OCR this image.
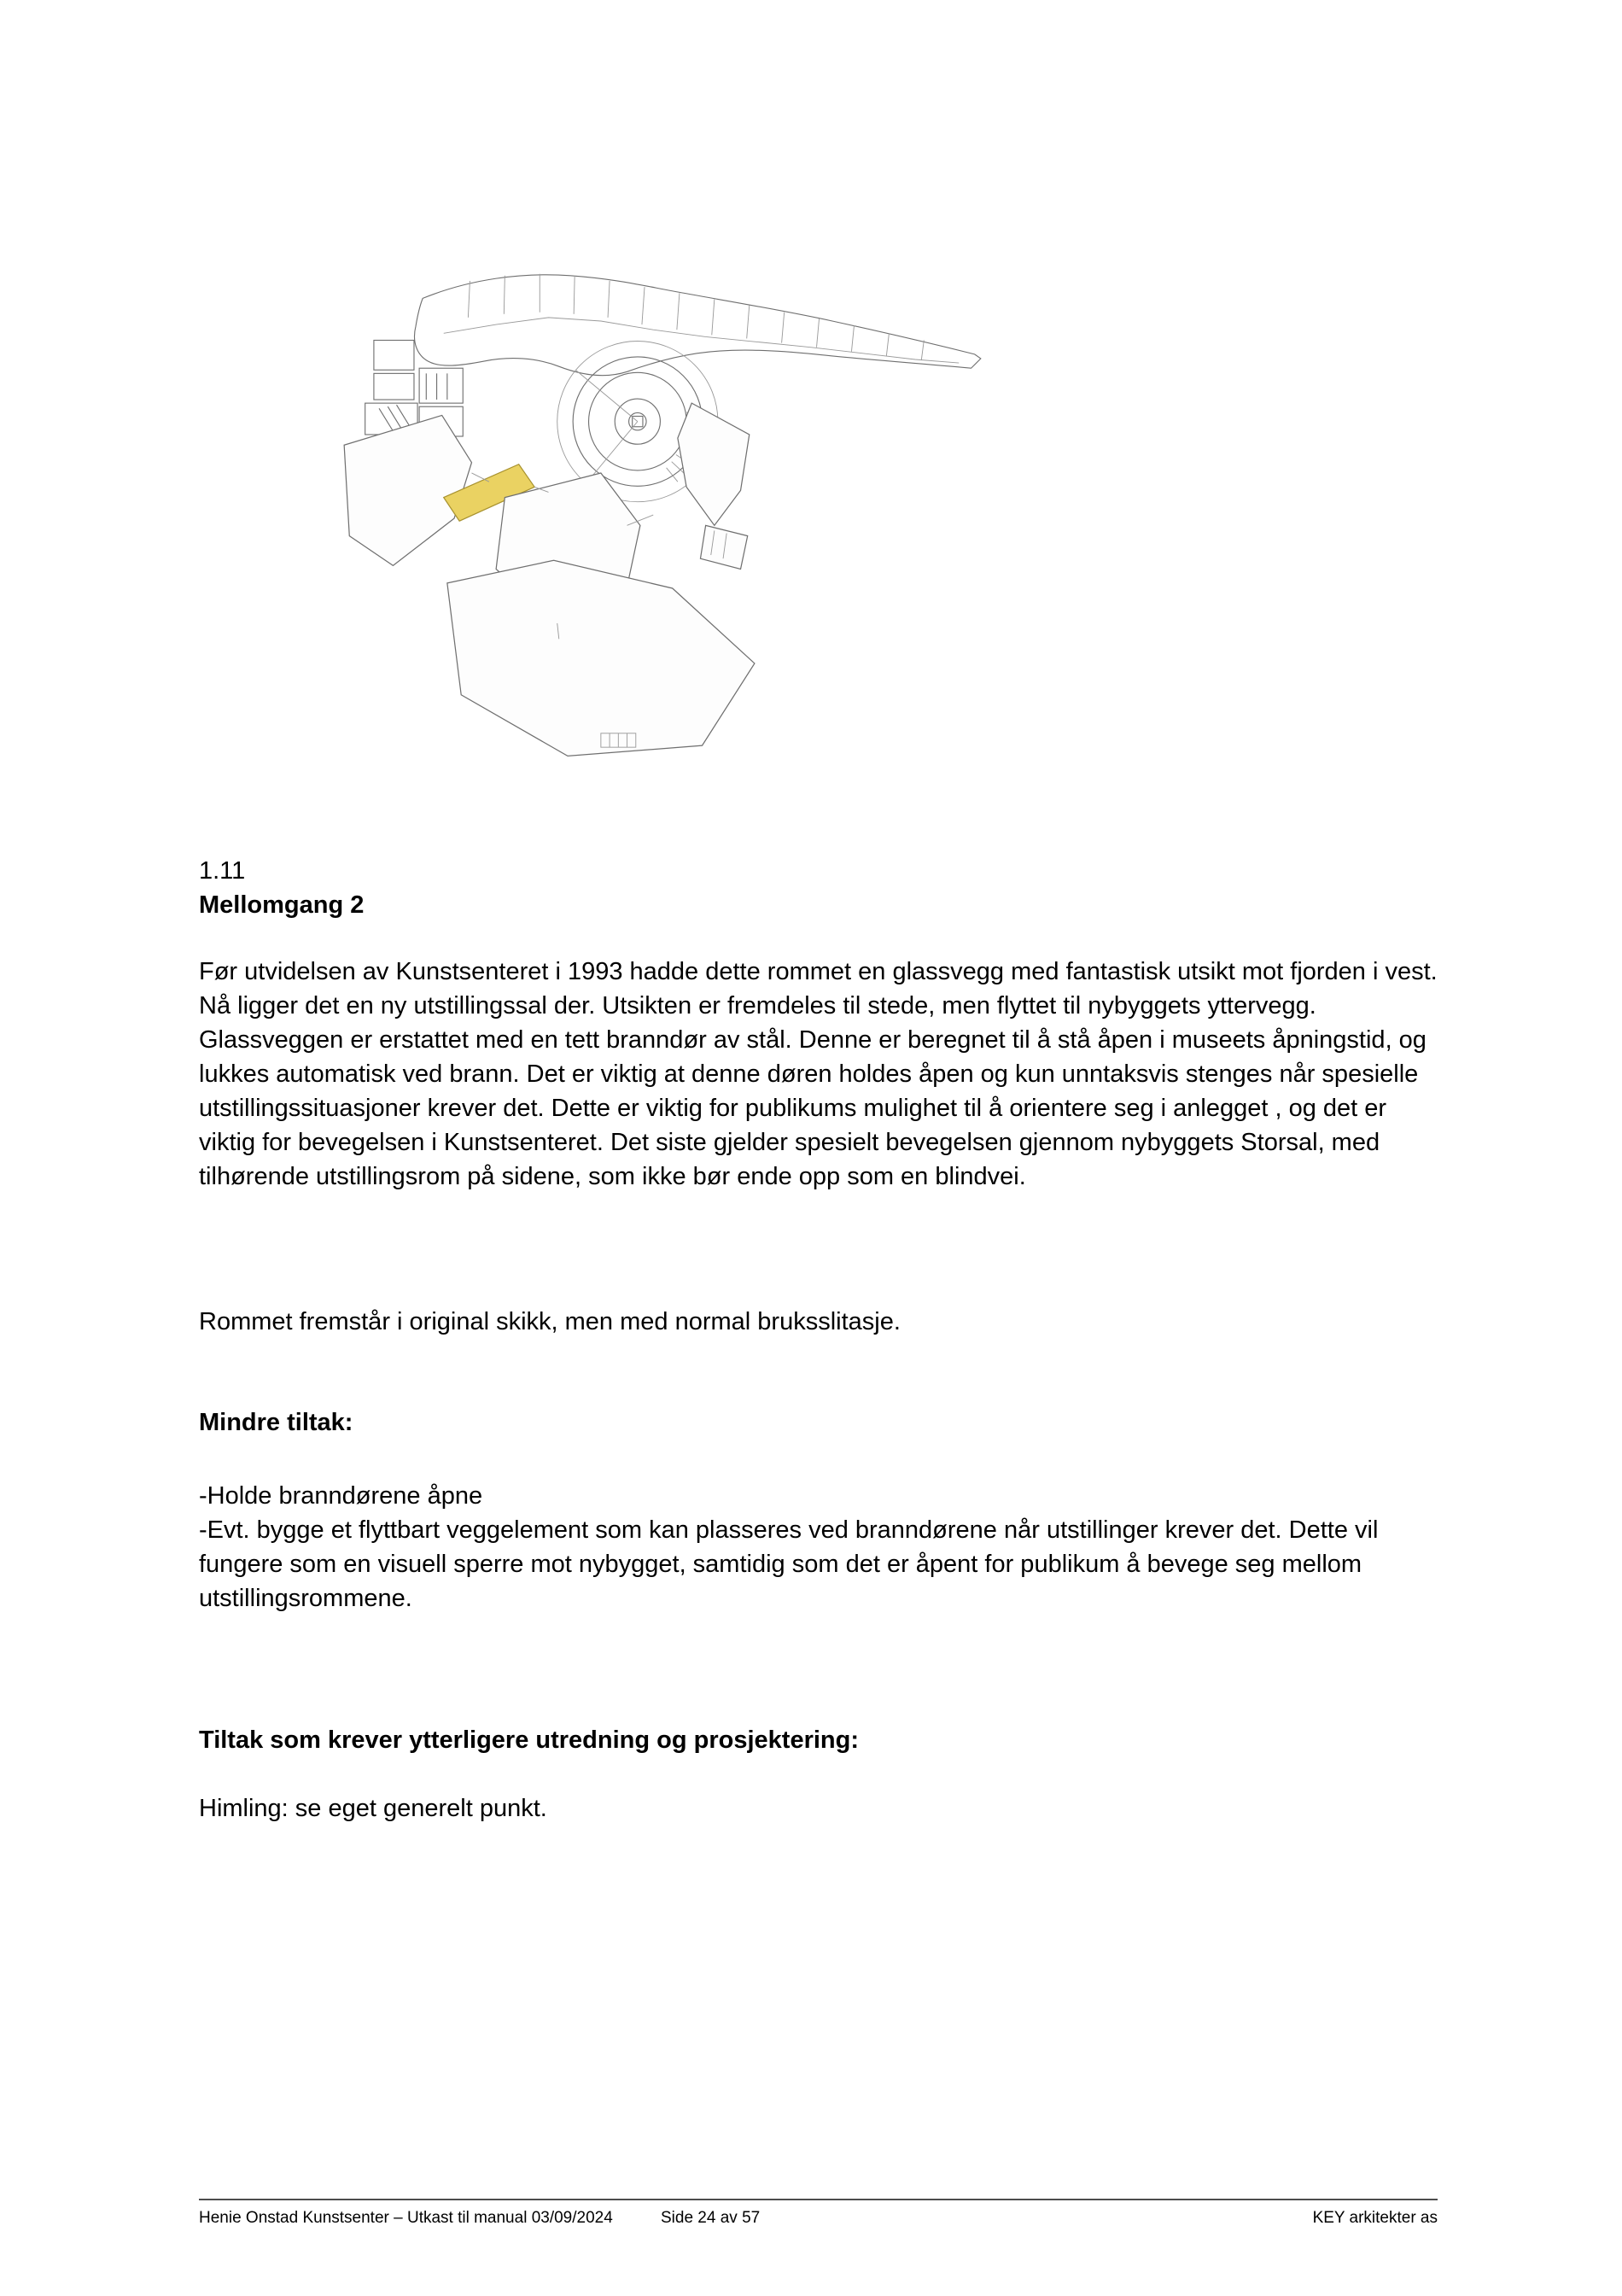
1.11
Mellomgang 2
Før utvidelsen av Kunstsenteret i 1993 hadde dette rommet en glassvegg med fantastisk utsikt mot fjorden i vest. Nå ligger det en ny utstillingssal der. Utsikten er fremdeles til stede, men flyttet til nybyggets yttervegg. Glassveggen er erstattet med en tett branndør av stål. Denne er beregnet til å stå åpen i museets åpningstid, og lukkes automatisk ved brann. Det er viktig at denne døren holdes åpen og kun unntaksvis stenges når spesielle utstillingssituasjoner krever det. Dette er viktig for publikums mulighet til å orientere seg i anlegget , og det er viktig for bevegelsen i Kunstsenteret. Det siste gjelder spesielt bevegelsen gjennom nybyggets Storsal, med tilhørende utstillingsrom på sidene, som ikke bør ende opp som en blindvei.
Rommet fremstår i original skikk, men med normal bruksslitasje.
Mindre tiltak:
-Holde branndørene åpne
-Evt. bygge et flyttbart veggelement som kan plasseres ved branndørene når utstillinger krever det. Dette vil fungere som en visuell sperre mot nybygget, samtidig som det er åpent for publikum å bevege seg mellom utstillingsrommene.
Tiltak som krever ytterligere utredning og prosjektering:
Himling: se eget generelt punkt.
Henie Onstad Kunstsenter – Utkast til manual 03/09/2024	Side 24 av 57	KEY arkitekter as
